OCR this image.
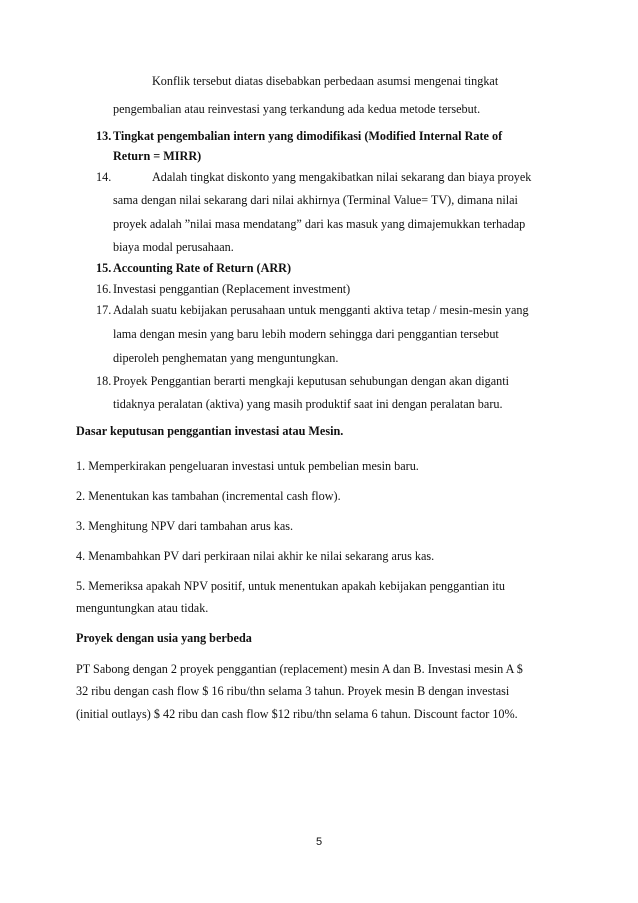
Konflik tersebut diatas disebabkan perbedaan asumsi mengenai tingkat
pengembalian atau reinvestasi yang terkandung ada kedua metode tersebut.
13. Tingkat pengembalian intern yang dimodifikasi (Modified Internal Rate of
Return = MIRR)
14.	Adalah tingkat diskonto yang mengakibatkan nilai sekarang dan biaya proyek
sama dengan nilai sekarang dari nilai akhirnya (Terminal Value= TV), dimana nilai
proyek adalah ”nilai masa mendatang” dari kas masuk yang dimajemukkan terhadap
biaya modal perusahaan.
15. Accounting Rate of Return (ARR)
16. Investasi penggantian (Replacement investment)
17. Adalah suatu kebijakan perusahaan untuk mengganti aktiva tetap / mesin-mesin yang
lama dengan mesin yang baru lebih modern sehingga dari penggantian tersebut
diperoleh penghematan yang menguntungkan.
18. Proyek Penggantian berarti mengkaji keputusan sehubungan dengan akan diganti
tidaknya peralatan (aktiva) yang masih produktif saat ini dengan peralatan baru.
Dasar keputusan penggantian investasi atau Mesin.
1. Memperkirakan pengeluaran investasi untuk pembelian mesin baru.
2. Menentukan kas tambahan (incremental cash flow).
3. Menghitung NPV dari tambahan arus kas.
4. Menambahkan PV dari perkiraan nilai akhir ke nilai sekarang arus kas.
5. Memeriksa apakah NPV positif, untuk menentukan apakah kebijakan penggantian itu
menguntungkan atau tidak.
Proyek dengan usia yang berbeda
PT Sabong dengan 2 proyek penggantian (replacement) mesin A dan B. Investasi mesin A $
32 ribu dengan cash flow $ 16 ribu/thn selama 3 tahun. Proyek mesin B dengan investasi
(initial outlays) $ 42 ribu dan cash flow $12 ribu/thn selama 6 tahun. Discount factor 10%.
5
